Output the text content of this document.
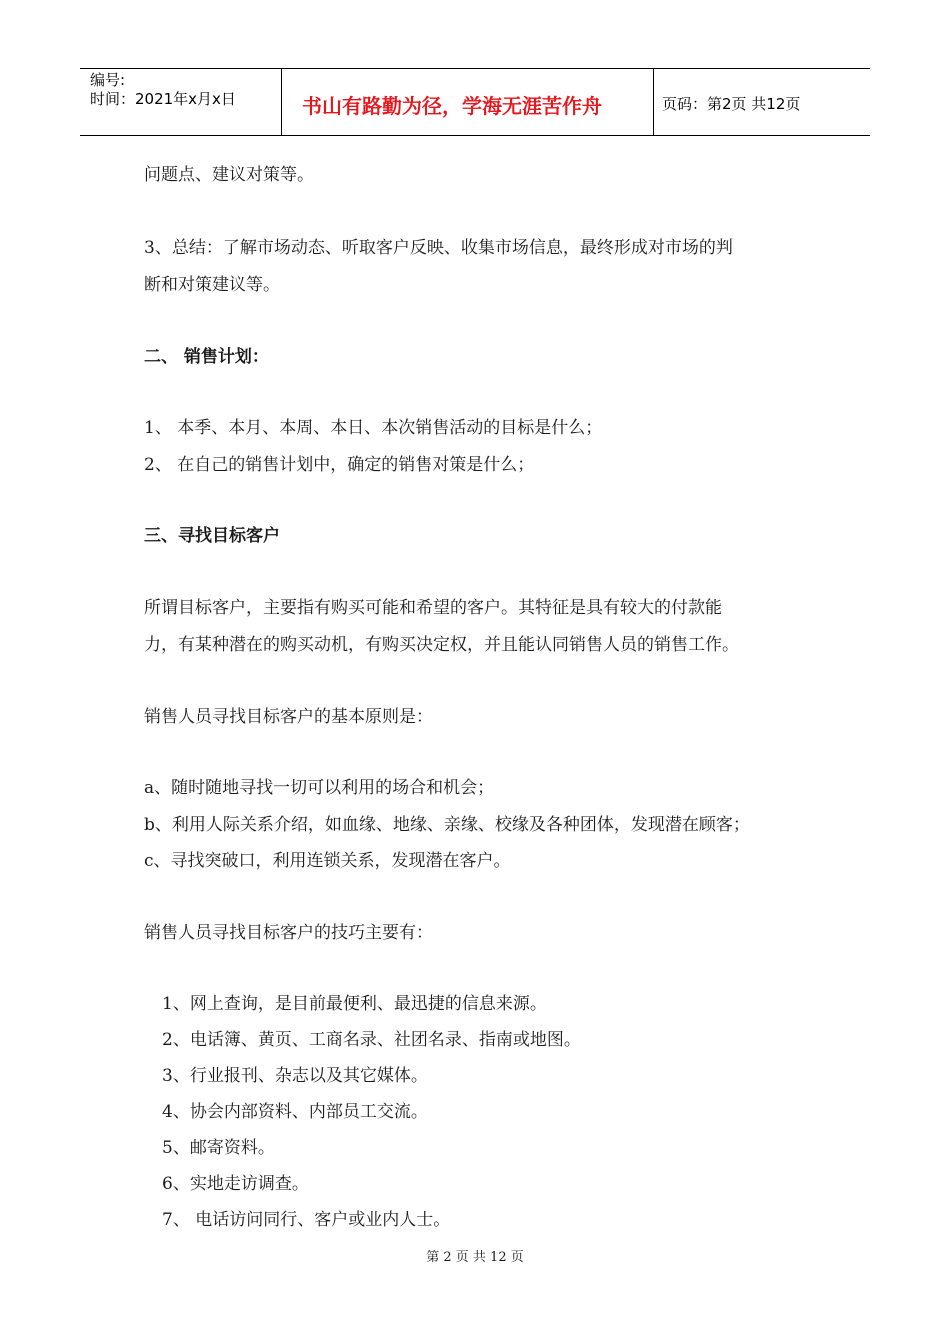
编号:
时间：2021年x月x日	书山有路勤为径，学海无涯苦作舟	页码：第2页 共12页
问题点、建议对策等。
3、总结：了解市场动态、听取客户反映、收集市场信息，最终形成对市场的判
断和对策建议等。
二、 销售计划：
1、 本季、本月、本周、本日、本次销售活动的目标是什么；
2、 在自己的销售计划中，确定的销售对策是什么；
三、寻找目标客户
所谓目标客户，主要指有购买可能和希望的客户。其特征是具有较大的付款能
力，有某种潜在的购买动机，有购买决定权，并且能认同销售人员的销售工作。
销售人员寻找目标客户的基本原则是：
a、随时随地寻找一切可以利用的场合和机会；
b、利用人际关系介绍，如血缘、地缘、亲缘、校缘及各种团体，发现潜在顾客；
c、寻找突破口，利用连锁关系，发现潜在客户。
销售人员寻找目标客户的技巧主要有：
1、网上查询，是目前最便利、最迅捷的信息来源。
2、电话簿、黄页、工商名录、社团名录、指南或地图。
3、行业报刊、杂志以及其它媒体。
4、协会内部资料、内部员工交流。
5、邮寄资料。
6、实地走访调查。
7、 电话访问同行、客户或业内人士。
第 2 页 共 12 页
